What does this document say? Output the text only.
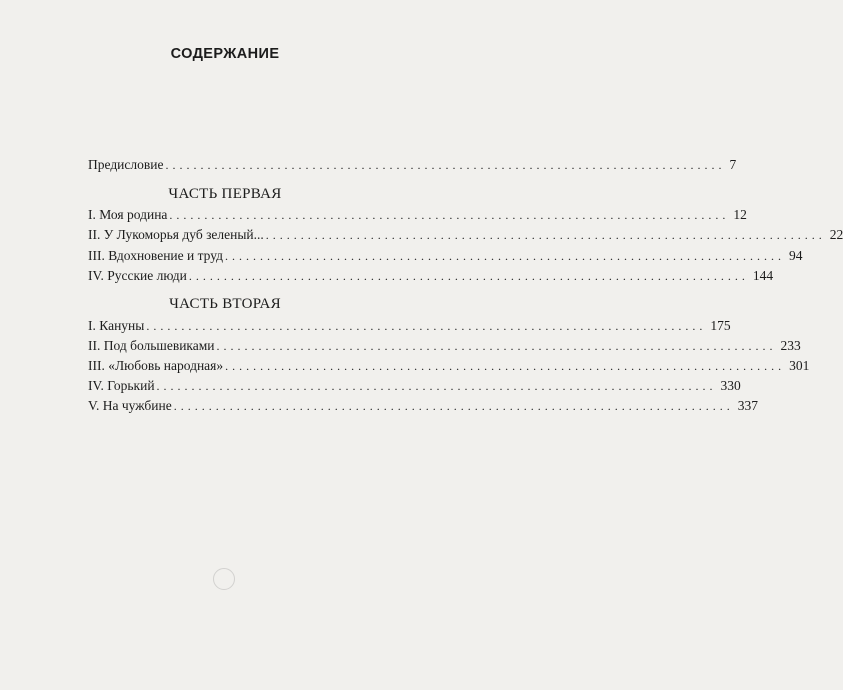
СОДЕРЖАНИЕ
Предисловие ................................................................................ 7
ЧАСТЬ ПЕРВАЯ
I. Моя родина ................................................................................ 12
II. У Лукоморья дуб зеленый... ................................................................................ 22
III. Вдохновение и труд ................................................................................ 94
IV. Русские люди ................................................................................ 144
ЧАСТЬ ВТОРАЯ
I. Кануны ................................................................................ 175
II. Под большевиками ................................................................................ 233
III. «Любовь народная» ................................................................................ 301
IV. Горький ................................................................................ 330
V. На чужбине ................................................................................ 337
